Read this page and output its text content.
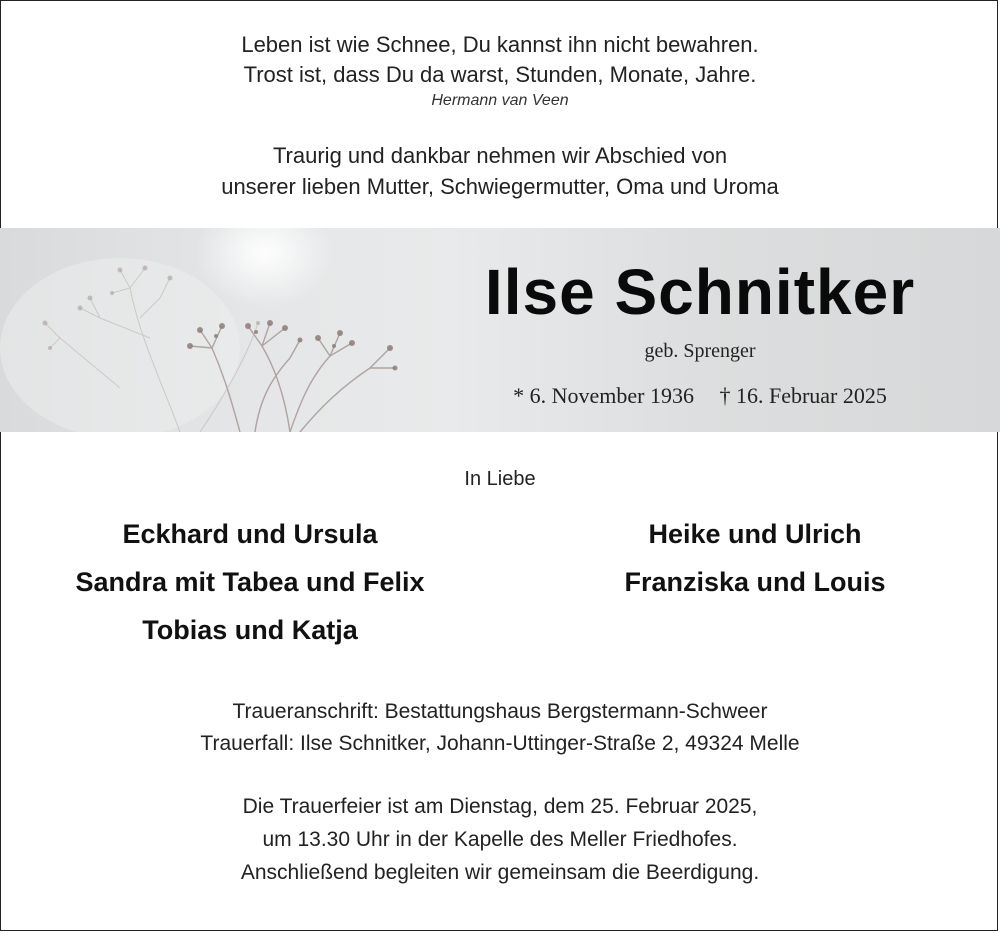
Leben ist wie Schnee, Du kannst ihn nicht bewahren.
Trost ist, dass Du da warst, Stunden, Monate, Jahre.
Hermann van Veen
Traurig und dankbar nehmen wir Abschied von
unserer lieben Mutter, Schwiegermutter, Oma und Uroma
Ilse Schnitker
geb. Sprenger
* 6. November 1936 † 16. Februar 2025
In Liebe
Eckhard und Ursula
Sandra mit Tabea und Felix
Tobias und Katja
Heike und Ulrich
Franziska und Louis
Traueranschrift: Bestattungshaus Bergstermann-Schweer
Trauerfall: Ilse Schnitker, Johann-Uttinger-Straße 2, 49324 Melle
Die Trauerfeier ist am Dienstag, dem 25. Februar 2025,
um 13.30 Uhr in der Kapelle des Meller Friedhofes.
Anschließend begleiten wir gemeinsam die Beerdigung.
